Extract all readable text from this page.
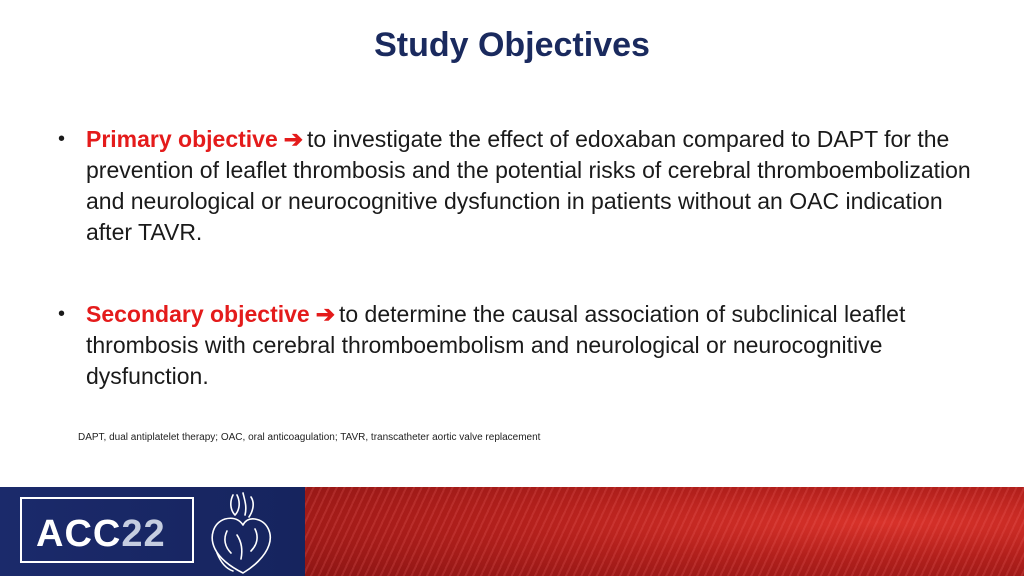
Study Objectives
• Primary objective ➔ to investigate the effect of edoxaban compared to DAPT for the prevention of leaflet thrombosis and the potential risks of cerebral thromboembolization and neurological or neurocognitive dysfunction in patients without an OAC indication after TAVR.
• Secondary objective ➔ to determine the causal association of subclinical leaflet thrombosis with cerebral thromboembolism and neurological or neurocognitive dysfunction.
DAPT, dual antiplatelet therapy; OAC, oral anticoagulation; TAVR, transcatheter aortic valve replacement
ACC22
